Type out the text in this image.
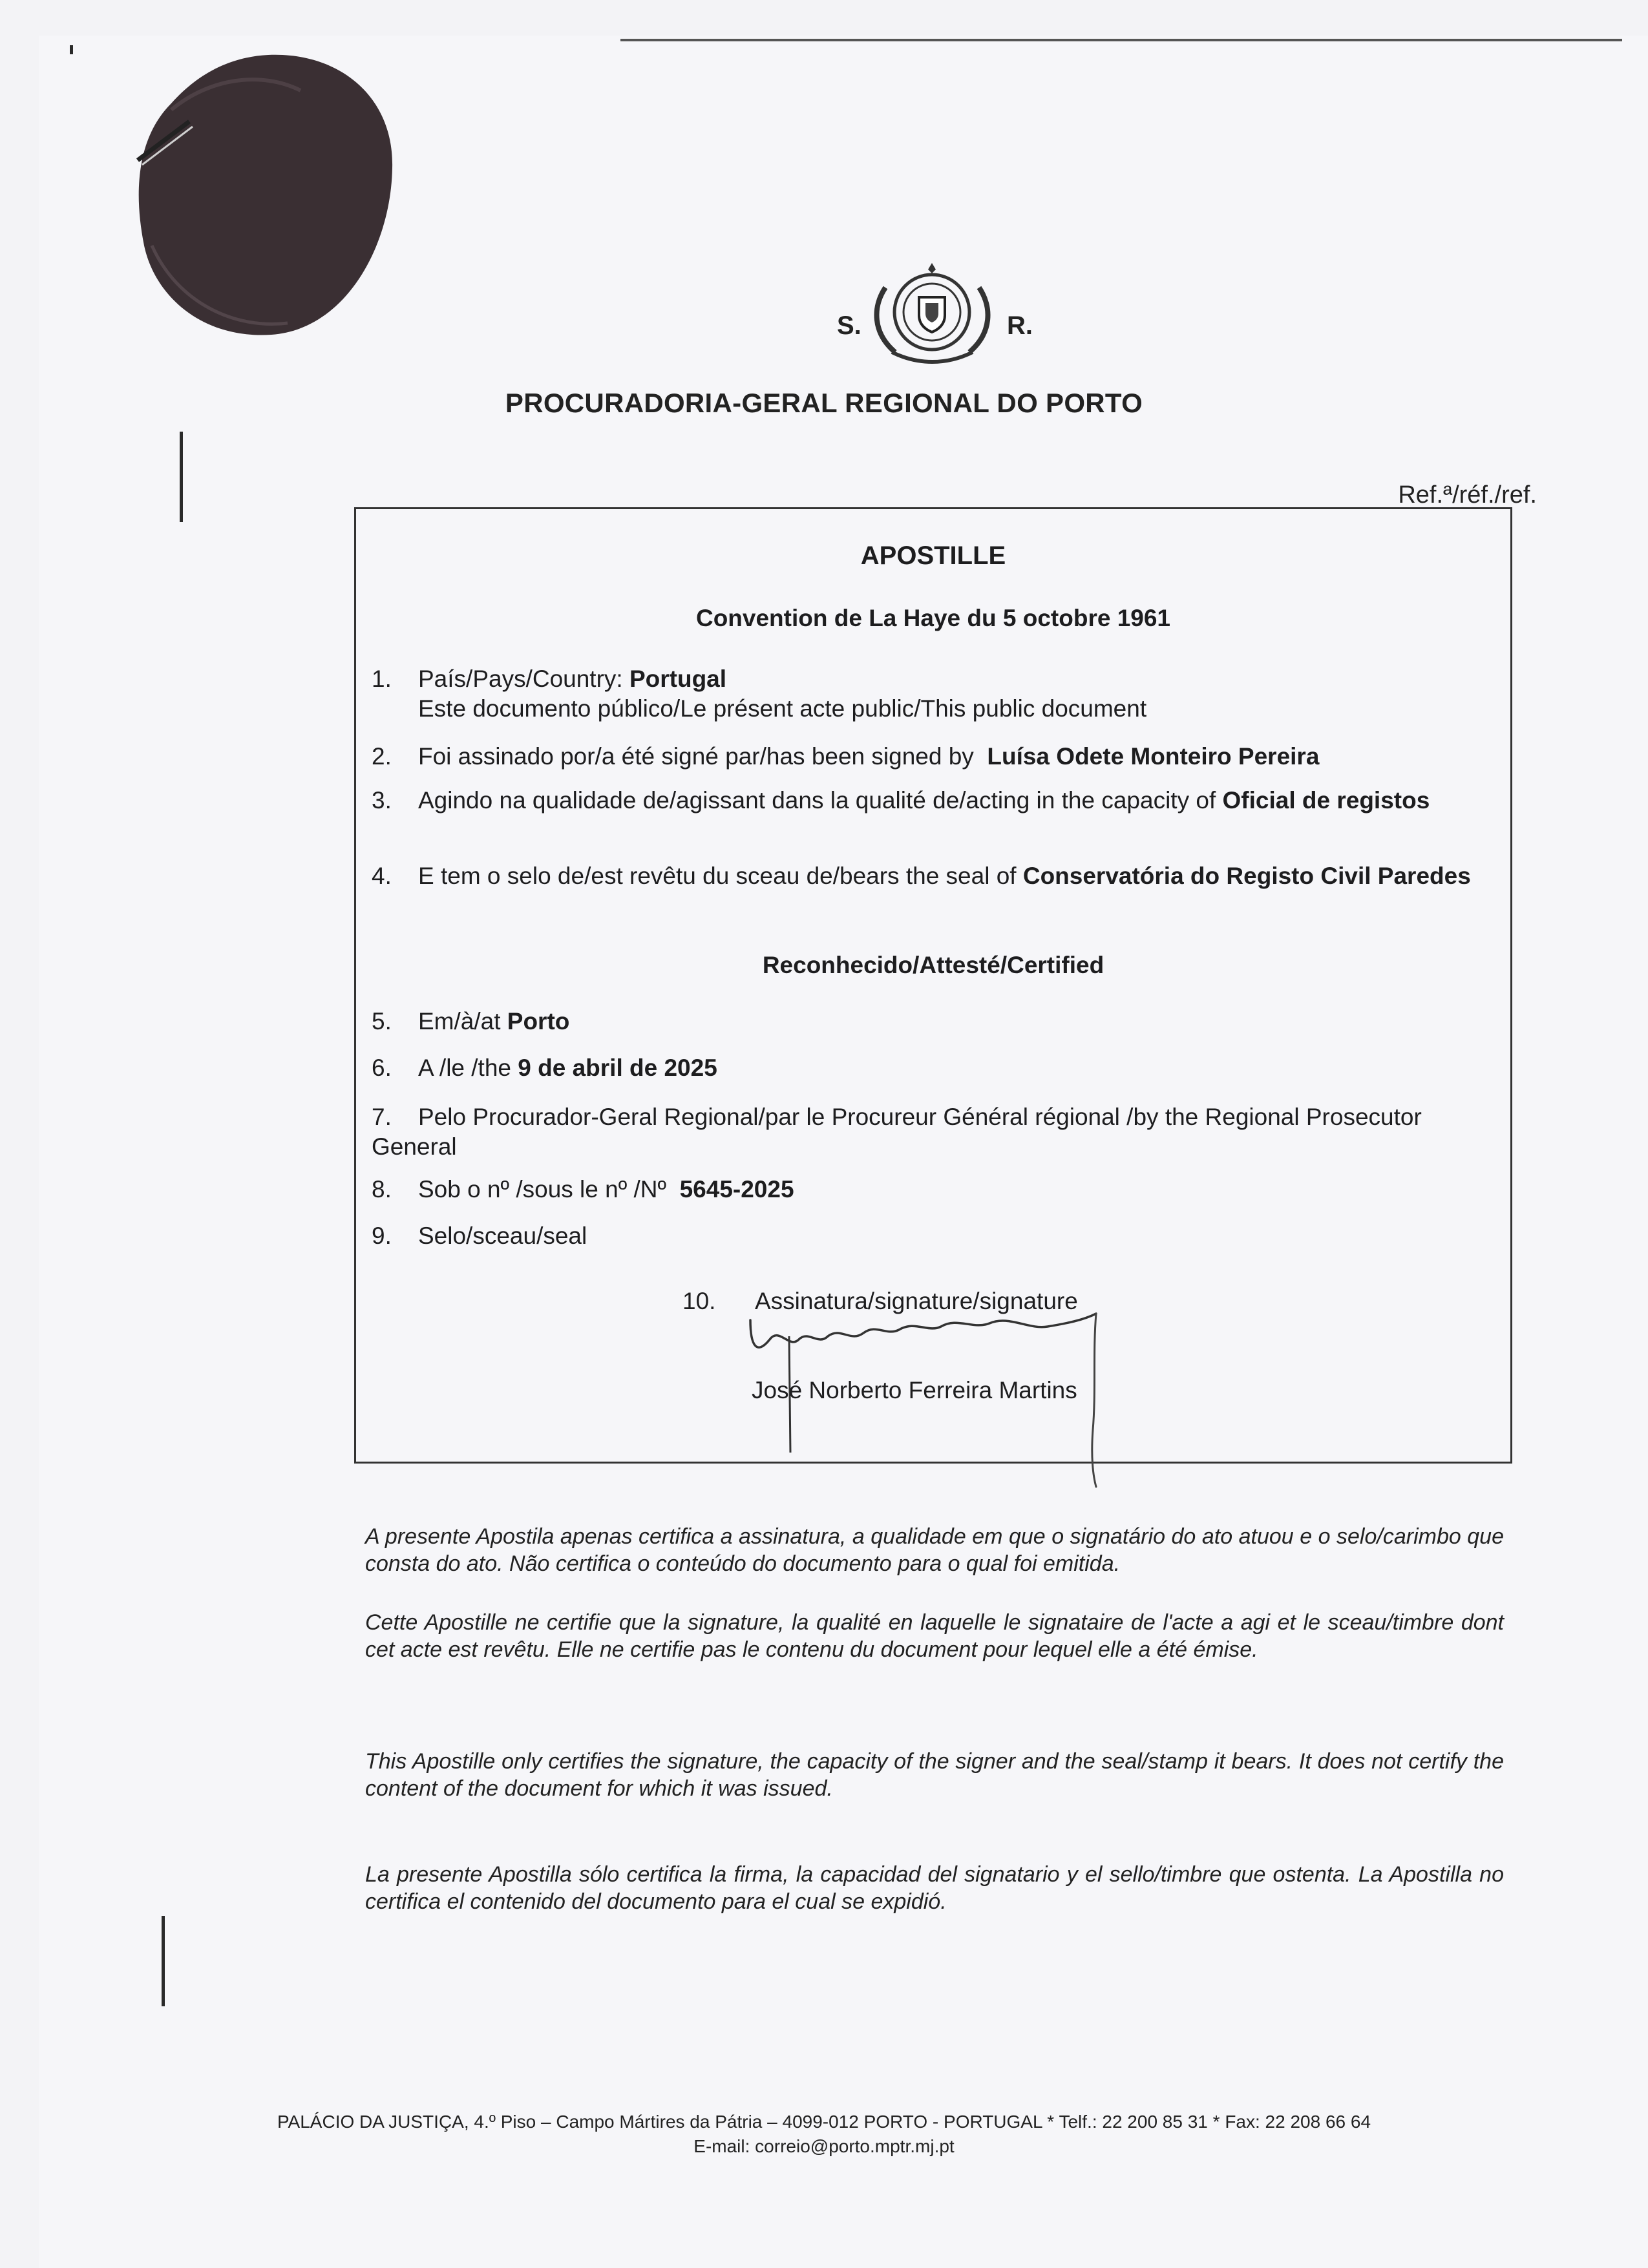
S.	R.
PROCURADORIA-GERAL REGIONAL DO PORTO
Ref.ª/réf./ref.
APOSTILLE
Convention de La Haye du 5 octobre 1961
1. País/Pays/Country: Portugal
Este documento público/Le présent acte public/This public document
2. Foi assinado por/a été signé par/has been signed by Luísa Odete Monteiro Pereira
3. Agindo na qualidade de/agissant dans la qualité de/acting in the capacity of Oficial de registos
4. E tem o selo de/est revêtu du sceau de/bears the seal of Conservatória do Registo Civil Paredes
Reconhecido/Attesté/Certified
5. Em/à/at Porto
6. A /le /the 9 de abril de 2025
7. Pelo Procurador-Geral Regional/par le Procureur Général régional /by the Regional Prosecutor General
8. Sob o nº /sous le nº /Nº 5645-2025
9. Selo/sceau/seal
10. Assinatura/signature/signature
José Norberto Ferreira Martins
A presente Apostila apenas certifica a assinatura, a qualidade em que o signatário do ato atuou e o selo/carimbo que consta do ato. Não certifica o conteúdo do documento para o qual foi emitida.
Cette Apostille ne certifie que la signature, la qualité en laquelle le signataire de l'acte a agi et le sceau/timbre dont cet acte est revêtu. Elle ne certifie pas le contenu du document pour lequel elle a été émise.
This Apostille only certifies the signature, the capacity of the signer and the seal/stamp it bears. It does not certify the content of the document for which it was issued.
La presente Apostilla sólo certifica la firma, la capacidad del signatario y el sello/timbre que ostenta. La Apostilla no certifica el contenido del documento para el cual se expidió.
PALÁCIO DA JUSTIÇA, 4.º Piso – Campo Mártires da Pátria – 4099-012 PORTO - PORTUGAL * Telf.: 22 200 85 31 * Fax: 22 208 66 64
E-mail: correio@porto.mptr.mj.pt
